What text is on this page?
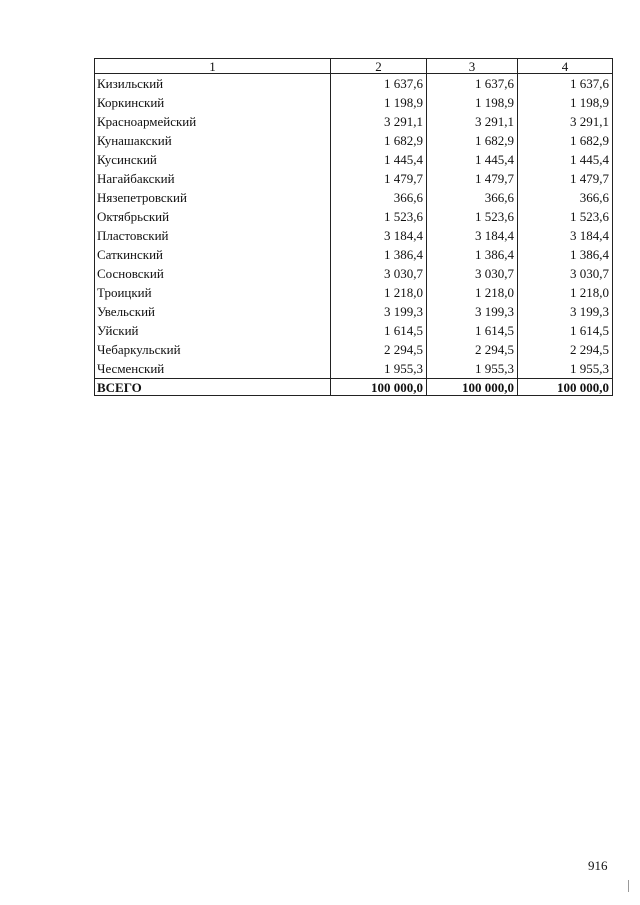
1	2	3	4
Кизильский	1 637,6	1 637,6	1 637,6
Коркинский	1 198,9	1 198,9	1 198,9
Красноармейский	3 291,1	3 291,1	3 291,1
Кунашакский	1 682,9	1 682,9	1 682,9
Кусинский	1 445,4	1 445,4	1 445,4
Нагайбакский	1 479,7	1 479,7	1 479,7
Нязепетровский	366,6	366,6	366,6
Октябрьский	1 523,6	1 523,6	1 523,6
Пластовский	3 184,4	3 184,4	3 184,4
Саткинский	1 386,4	1 386,4	1 386,4
Сосновский	3 030,7	3 030,7	3 030,7
Троицкий	1 218,0	1 218,0	1 218,0
Увельский	3 199,3	3 199,3	3 199,3
Уйский	1 614,5	1 614,5	1 614,5
Чебаркульский	2 294,5	2 294,5	2 294,5
Чесменский	1 955,3	1 955,3	1 955,3
ВСЕГО	100 000,0	100 000,0	100 000,0
916
